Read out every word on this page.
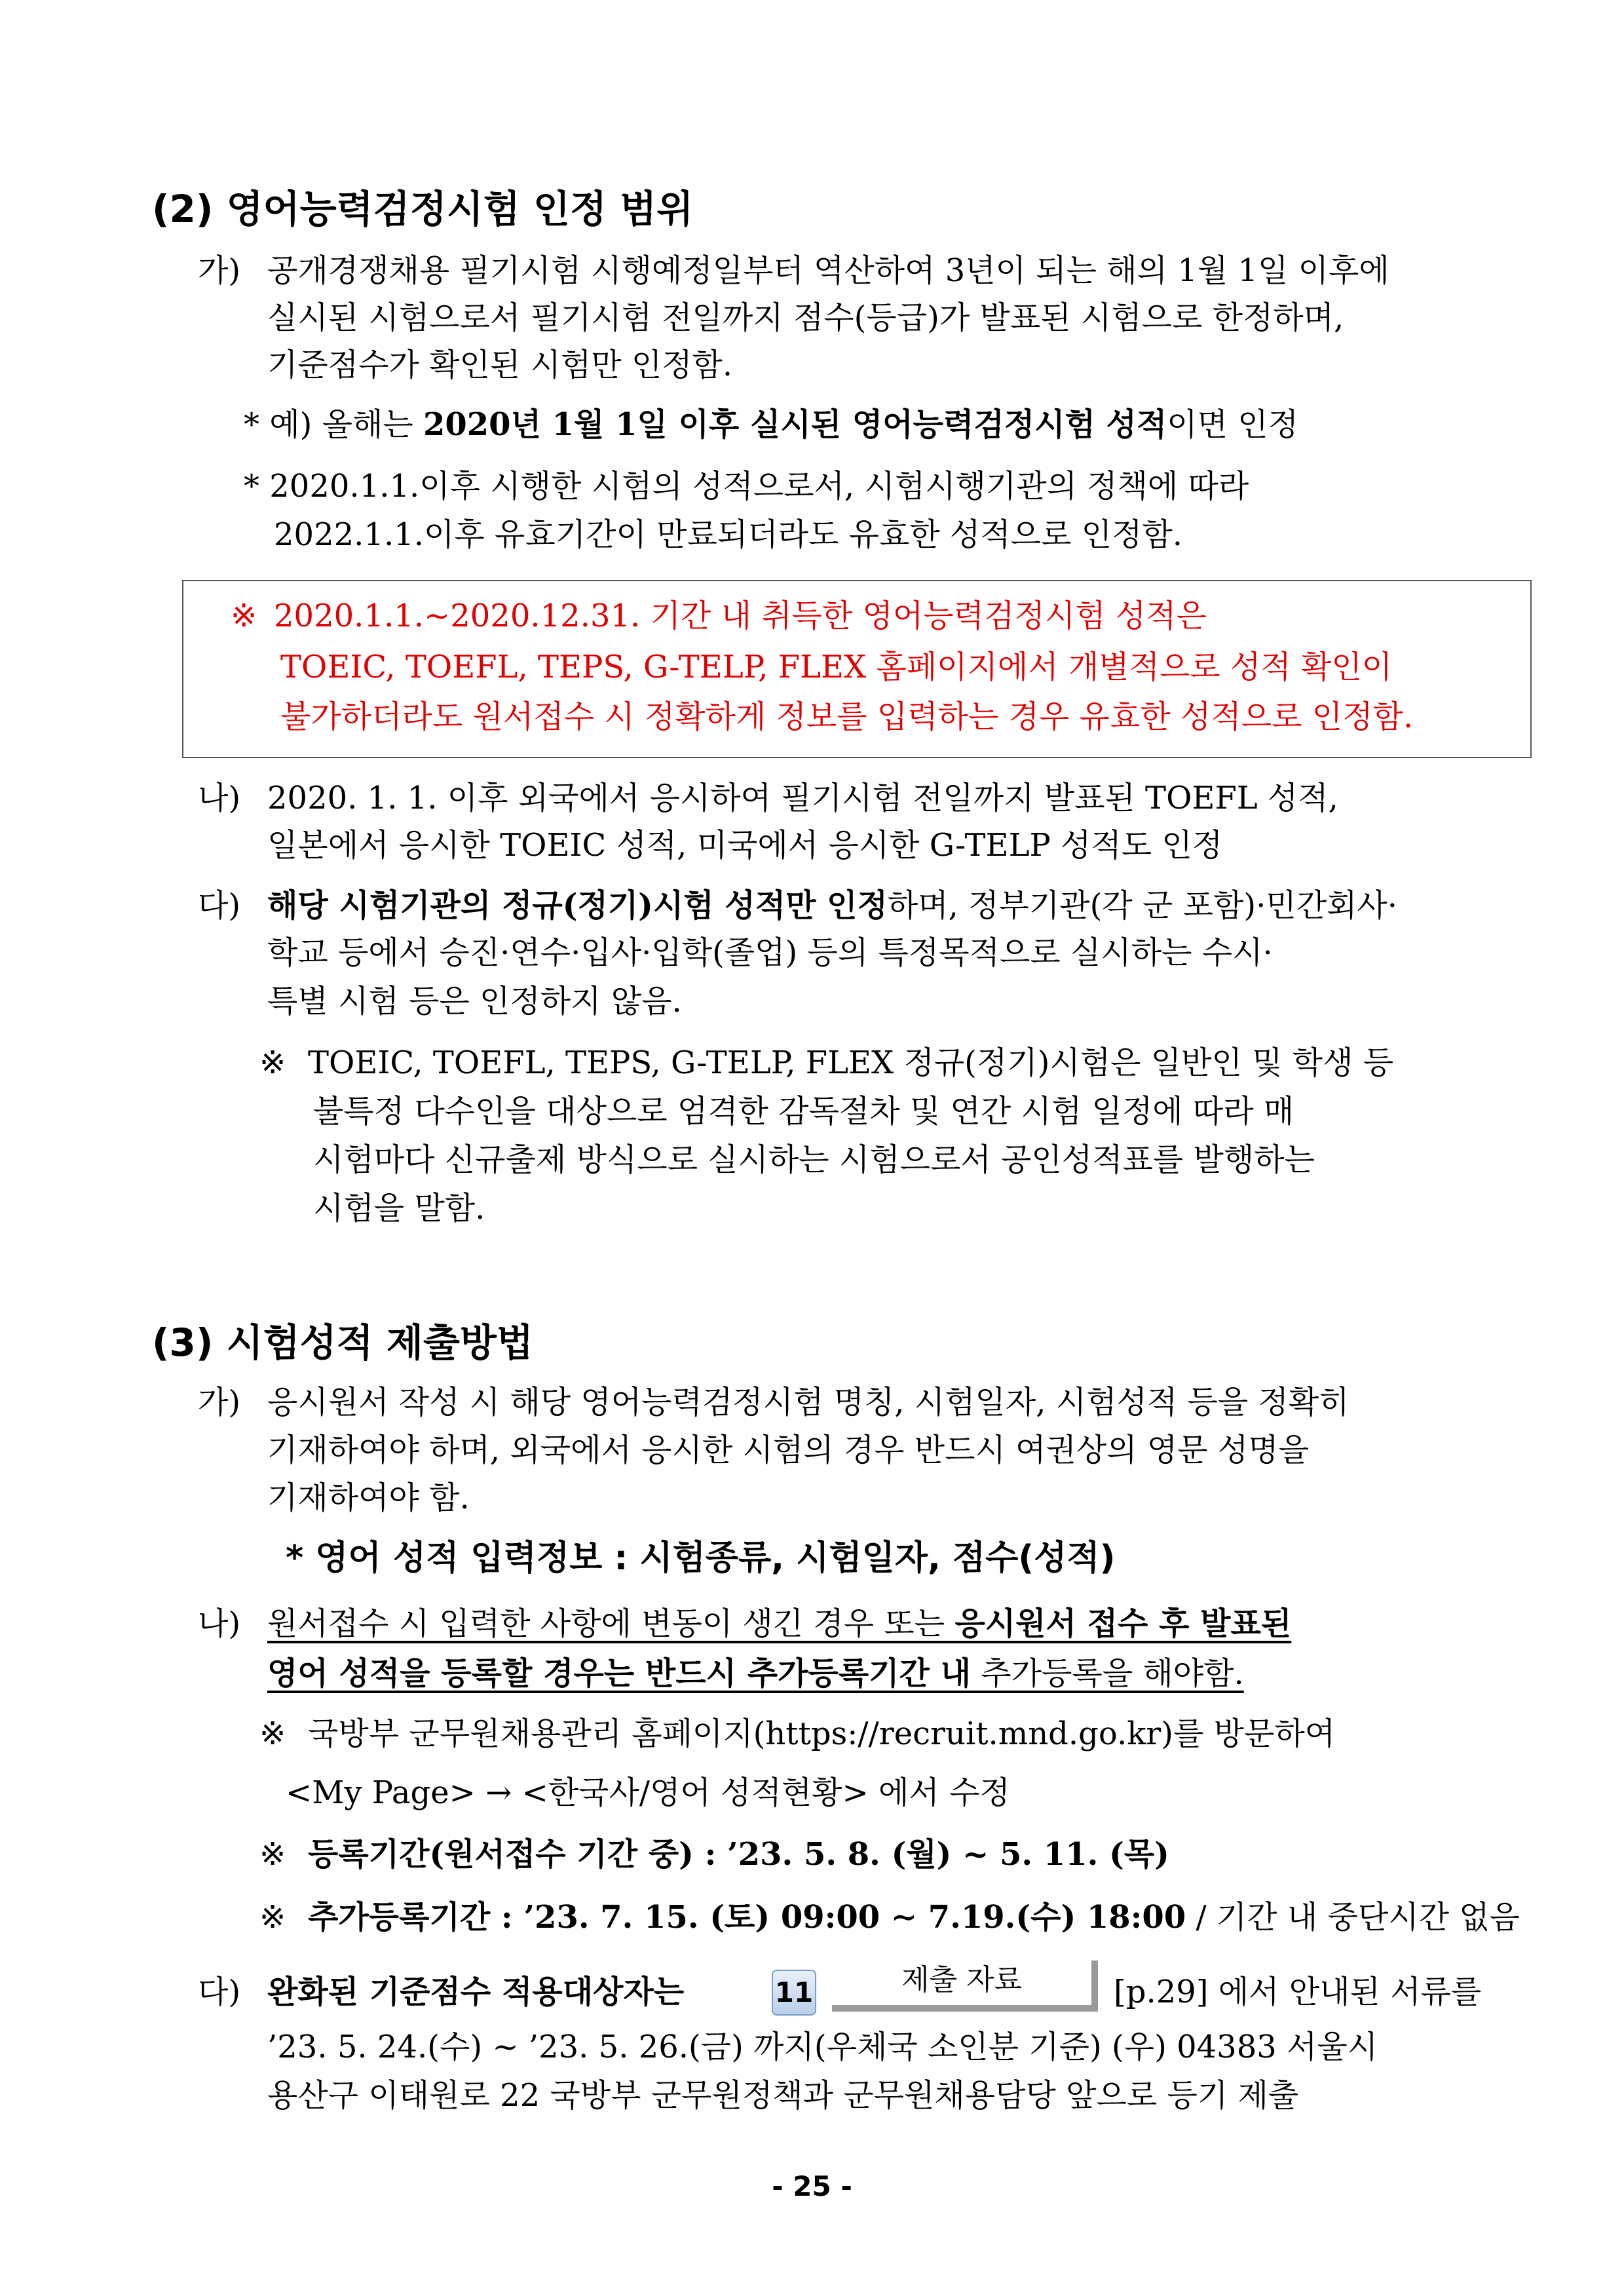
(2) 영어능력검정시험 인정 범위
가) 공개경쟁채용 필기시험 시행예정일부터 역산하여 3년이 되는 해의 1월 1일 이후에
실시된 시험으로서 필기시험 전일까지 점수(등급)가 발표된 시험으로 한정하며,
기준점수가 확인된 시험만 인정함.
* 예) 올해는 2020년 1월 1일 이후 실시된 영어능력검정시험 성적이면 인정
* 2020.1.1.이후 시행한 시험의 성적으로서, 시험시행기관의 정책에 따라
2022.1.1.이후 유효기간이 만료되더라도 유효한 성적으로 인정함.
※ 2020.1.1.∼2020.12.31. 기간 내 취득한 영어능력검정시험 성적은
TOEIC, TOEFL, TEPS, G-TELP, FLEX 홈페이지에서 개별적으로 성적 확인이
불가하더라도 원서접수 시 정확하게 정보를 입력하는 경우 유효한 성적으로 인정함.
나) 2020. 1. 1. 이후 외국에서 응시하여 필기시험 전일까지 발표된 TOEFL 성적,
일본에서 응시한 TOEIC 성적, 미국에서 응시한 G-TELP 성적도 인정
다) 해당 시험기관의 정규(정기)시험 성적만 인정하며, 정부기관(각 군 포함)·민간회사·
학교 등에서 승진·연수·입사·입학(졸업) 등의 특정목적으로 실시하는 수시·
특별 시험 등은 인정하지 않음.
※ TOEIC, TOEFL, TEPS, G-TELP, FLEX 정규(정기)시험은 일반인 및 학생 등
불특정 다수인을 대상으로 엄격한 감독절차 및 연간 시험 일정에 따라 매
시험마다 신규출제 방식으로 실시하는 시험으로서 공인성적표를 발행하는
시험을 말함.
(3) 시험성적 제출방법
가) 응시원서 작성 시 해당 영어능력검정시험 명칭, 시험일자, 시험성적 등을 정확히
기재하여야 하며, 외국에서 응시한 시험의 경우 반드시 여권상의 영문 성명을
기재하여야 함.
* 영어 성적 입력정보 : 시험종류, 시험일자, 점수(성적)
나) 원서접수 시 입력한 사항에 변동이 생긴 경우 또는 응시원서 접수 후 발표된
영어 성적을 등록할 경우는 반드시 추가등록기간 내 추가등록을 해야함.
※ 국방부 군무원채용관리 홈페이지(https://recruit.mnd.go.kr)를 방문하여
<My Page> → <한국사/영어 성적현황> 에서 수정
※ 등록기간(원서접수 기간 중) : ’23. 5. 8. (월) ~ 5. 11. (목)
※ 추가등록기간 : ’23. 7. 15. (토) 09:00 ∼ 7.19.(수) 18:00 / 기간 내 중단시간 없음
다) 완화된 기준점수 적용대상자는	11	제출 자료	[p.29] 에서 안내된 서류를
’23. 5. 24.(수) ~ ’23. 5. 26.(금) 까지(우체국 소인분 기준) (우) 04383 서울시
용산구 이태원로 22 국방부 군무원정책과 군무원채용담당 앞으로 등기 제출
- 25 -
